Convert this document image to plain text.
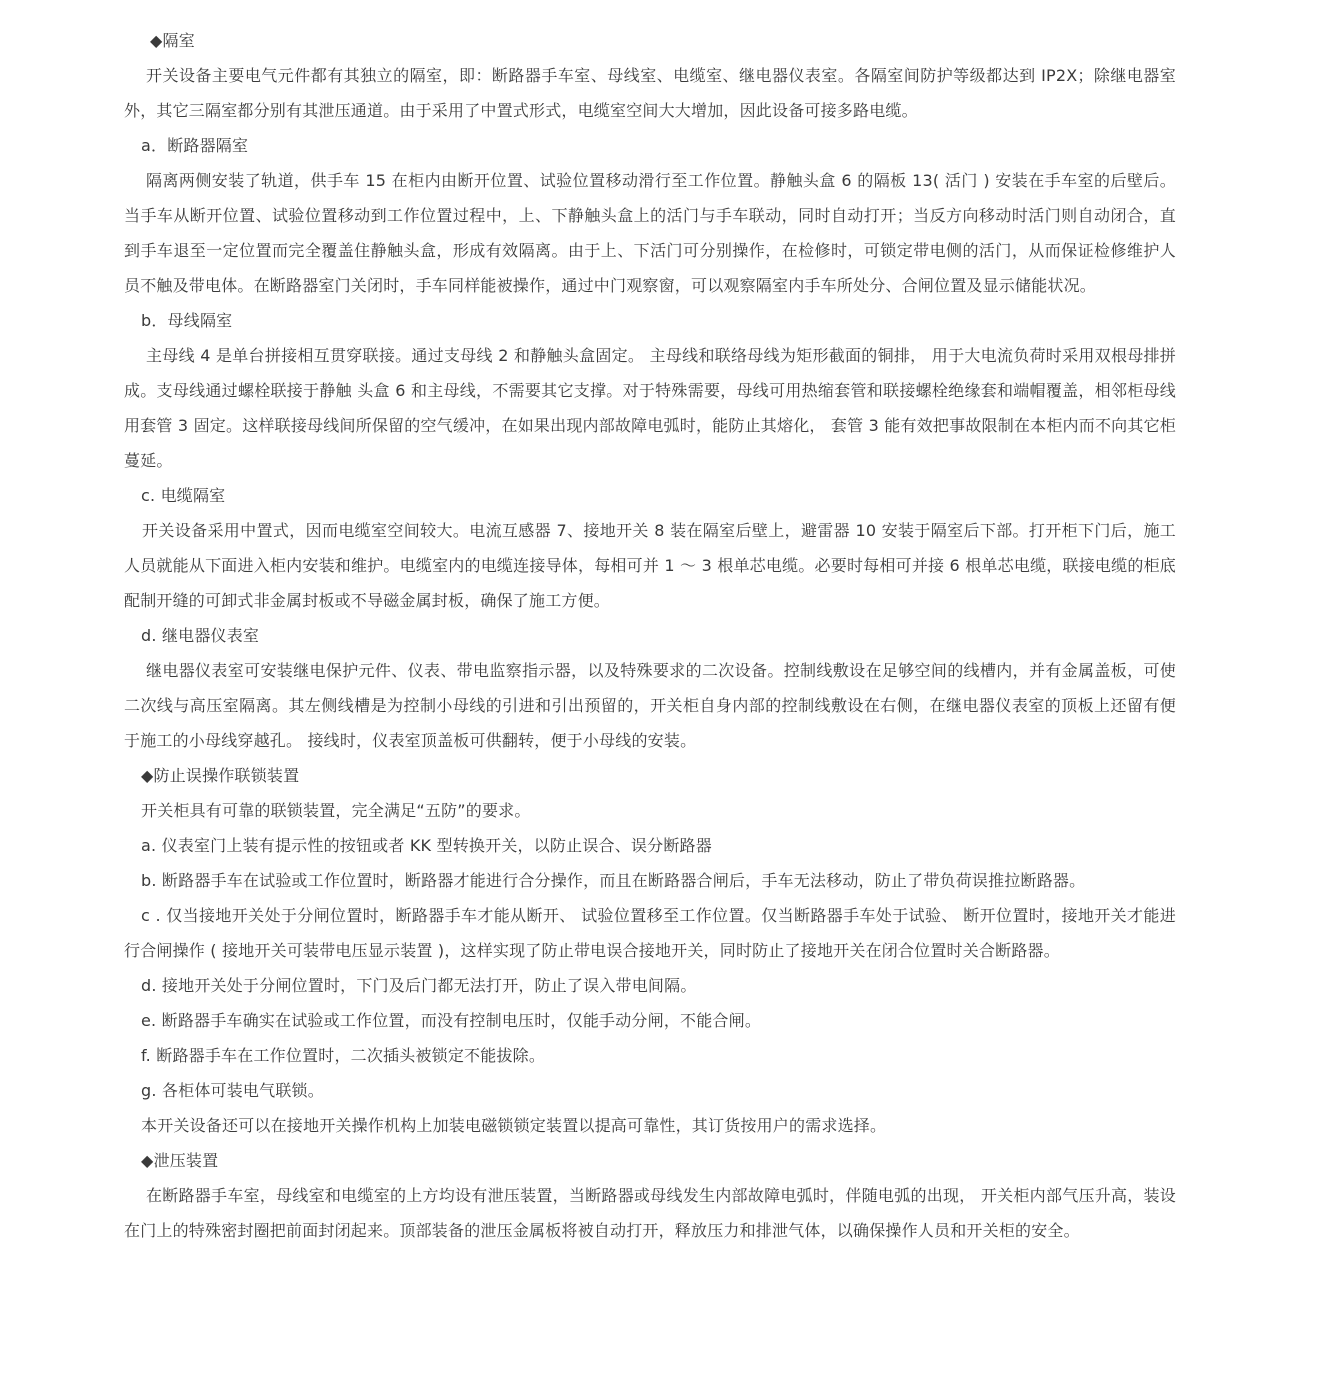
◆隔室

开关设备主要电气元件都有其独立的隔室，即：断路器手车室、母线室、电缆室、继电器仪表室。各隔室间防护等级都达到 IP2X；除继电器室外，其它三隔室都分别有其泄压通道。由于采用了中置式形式，电缆室空间大大增加，因此设备可接多路电缆。

a．断路器隔室

隔离两侧安装了轨道，供手车 15 在柜内由断开位置、试验位置移动滑行至工作位置。静触头盒 6 的隔板 13( 活门 ) 安装在手车室的后壁后。当手车从断开位置、试验位置移动到工作位置过程中，上、下静触头盒上的活门与手车联动，同时自动打开；当反方向移动时活门则自动闭合，直到手车退至一定位置而完全覆盖住静触头盒，形成有效隔离。由于上、下活门可分别操作，在检修时，可锁定带电侧的活门，从而保证检修维护人员不触及带电体。在断路器室门关闭时，手车同样能被操作，通过中门观察窗，可以观察隔室内手车所处分、合闸位置及显示储能状况。

b．母线隔室

主母线 4 是单台拼接相互贯穿联接。通过支母线 2 和静触头盒固定。 主母线和联络母线为矩形截面的铜排， 用于大电流负荷时采用双根母排拼成。支母线通过螺栓联接于静触 头盒 6 和主母线，不需要其它支撑。对于特殊需要，母线可用热缩套管和联接螺栓绝缘套和端帽覆盖，相邻柜母线用套管 3 固定。这样联接母线间所保留的空气缓冲，在如果出现内部故障电弧时，能防止其熔化， 套管 3 能有效把事故限制在本柜内而不向其它柜蔓延。

c. 电缆隔室

开关设备采用中置式，因而电缆室空间较大。电流互感器 7、接地开关 8 装在隔室后壁上，避雷器 10 安装于隔室后下部。打开柜下门后，施工人员就能从下面进入柜内安装和维护。电缆室内的电缆连接导体，每相可并 1 ～ 3 根单芯电缆。必要时每相可并接 6 根单芯电缆，联接电缆的柜底配制开缝的可卸式非金属封板或不导磁金属封板，确保了施工方便。

d. 继电器仪表室

继电器仪表室可安装继电保护元件、仪表、带电监察指示器，以及特殊要求的二次设备。控制线敷设在足够空间的线槽内，并有金属盖板，可使二次线与高压室隔离。其左侧线槽是为控制小母线的引进和引出预留的，开关柜自身内部的控制线敷设在右侧，在继电器仪表室的顶板上还留有便于施工的小母线穿越孔。 接线时，仪表室顶盖板可供翻转，便于小母线的安装。

◆防止误操作联锁装置

开关柜具有可靠的联锁装置，完全满足“五防”的要求。

a. 仪表室门上装有提示性的按钮或者 KK 型转换开关，以防止误合、误分断路器

b. 断路器手车在试验或工作位置时，断路器才能进行合分操作，而且在断路器合闸后，手车无法移动，防止了带负荷误推拉断路器。

c . 仅当接地开关处于分闸位置时，断路器手车才能从断开、 试验位置移至工作位置。仅当断路器手车处于试验、 断开位置时，接地开关才能进行合闸操作 ( 接地开关可装带电压显示装置 )，这样实现了防止带电误合接地开关，同时防止了接地开关在闭合位置时关合断路器。

d. 接地开关处于分闸位置时，下门及后门都无法打开，防止了误入带电间隔。

e. 断路器手车确实在试验或工作位置，而没有控制电压时，仅能手动分闸，不能合闸。

f. 断路器手车在工作位置时，二次插头被锁定不能拔除。

g. 各柜体可装电气联锁。

本开关设备还可以在接地开关操作机构上加装电磁锁锁定装置以提高可靠性，其订货按用户的需求选择。

◆泄压装置

在断路器手车室，母线室和电缆室的上方均设有泄压装置，当断路器或母线发生内部故障电弧时，伴随电弧的出现， 开关柜内部气压升高，装设在门上的特殊密封圈把前面封闭起来。顶部装备的泄压金属板将被自动打开，释放压力和排泄气体，以确保操作人员和开关柜的安全。
